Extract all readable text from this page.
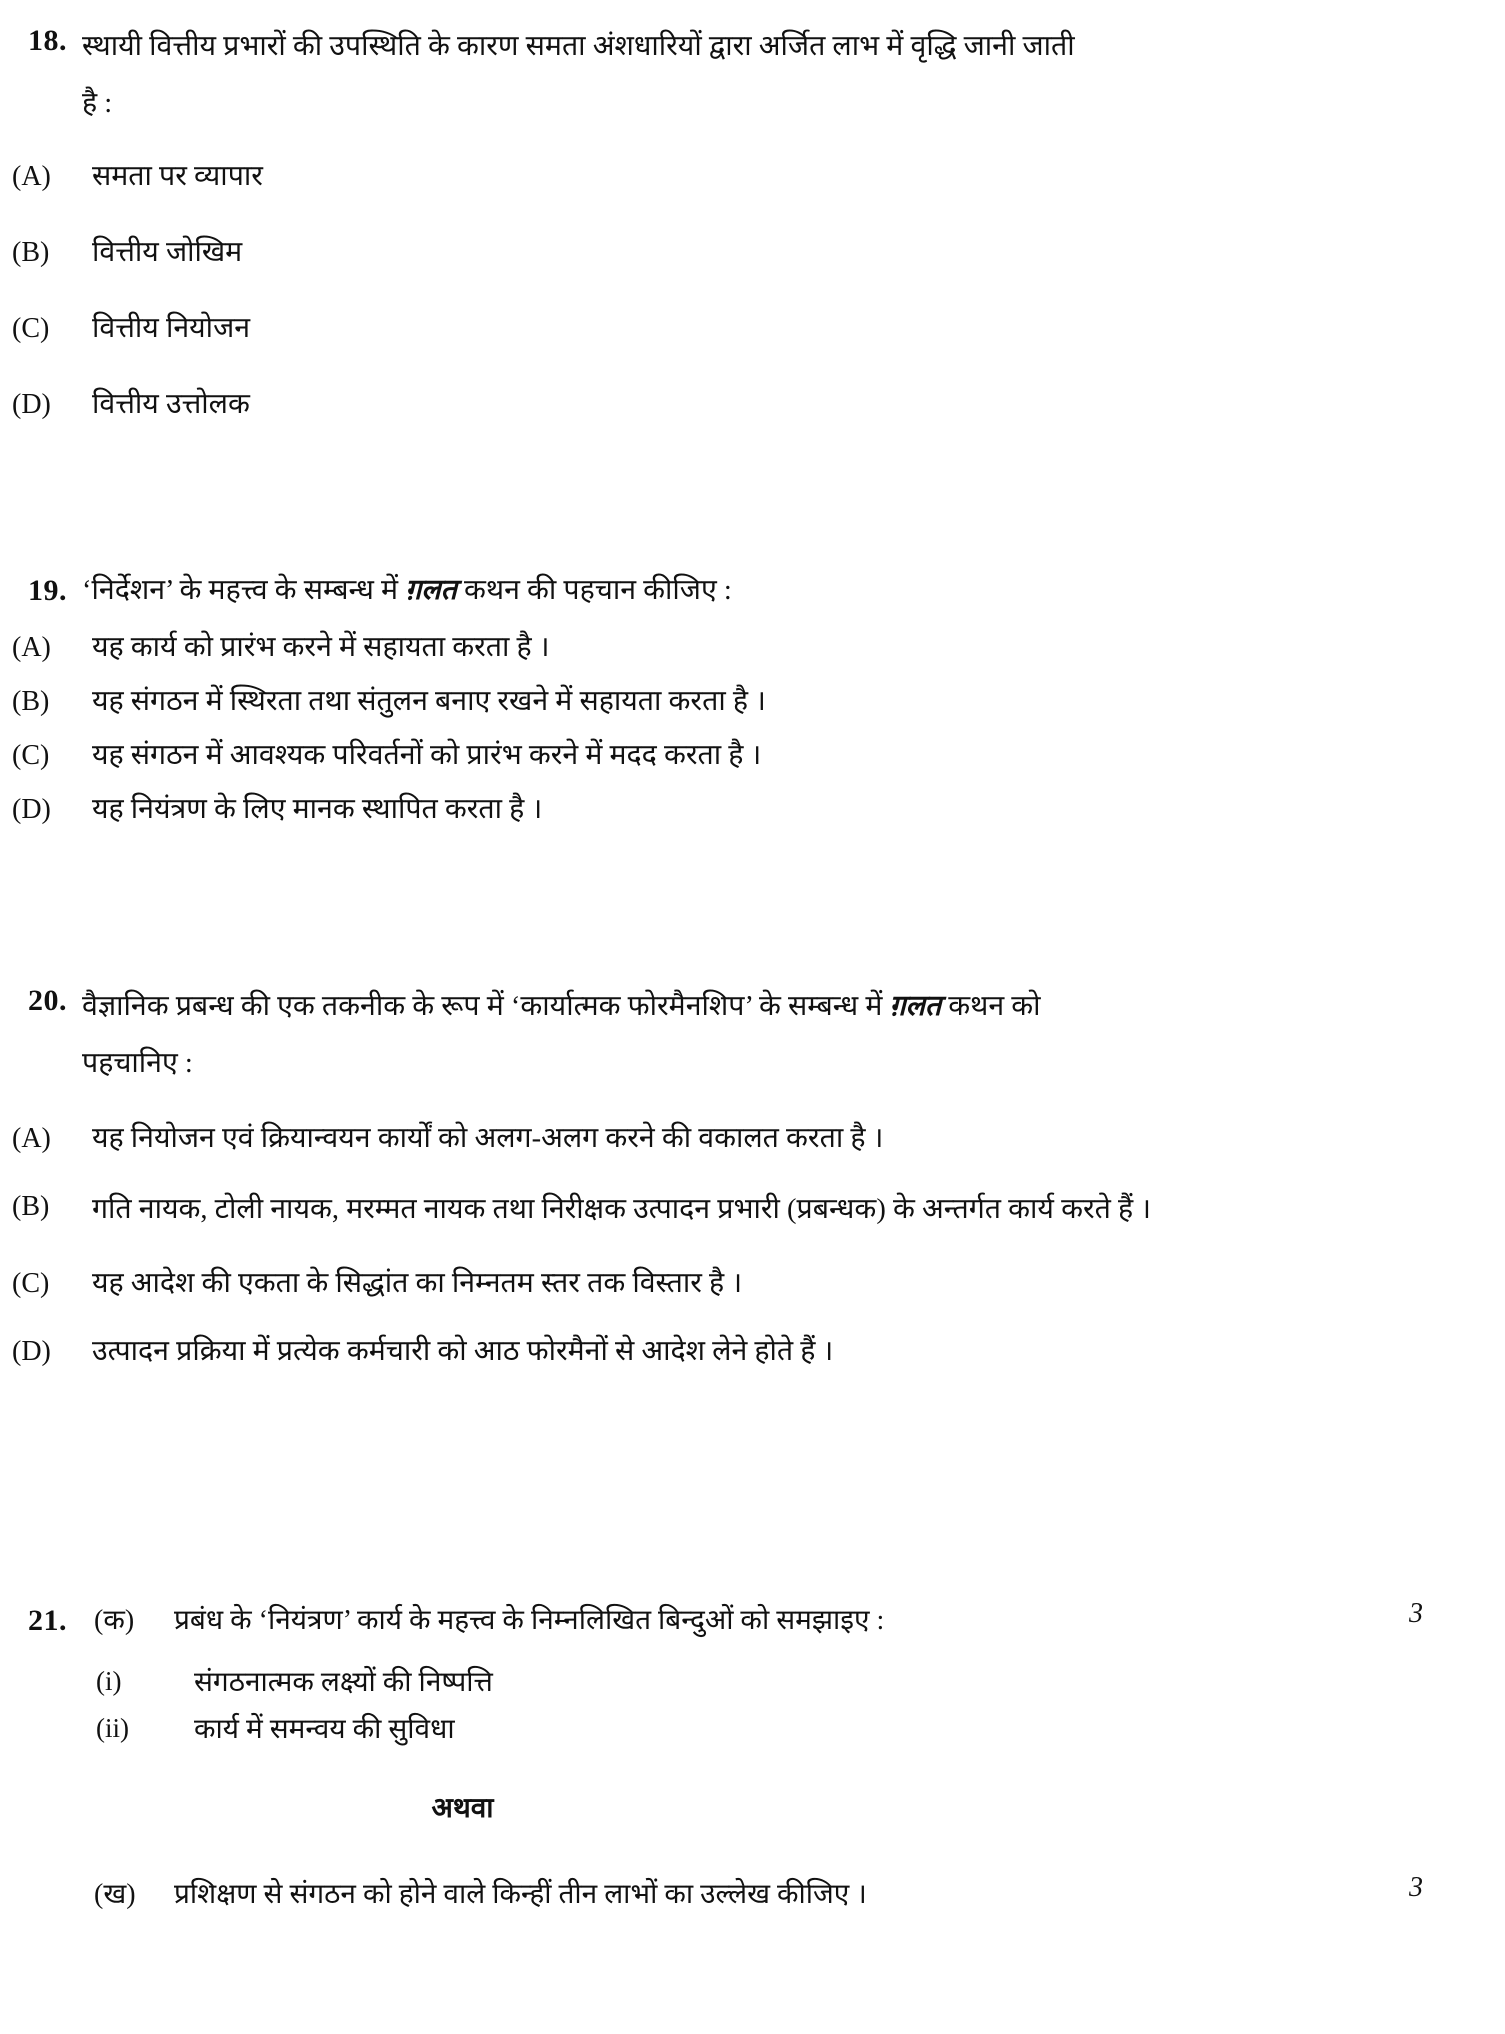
18. स्थायी वित्तीय प्रभारों की उपस्थिति के कारण समता अंशधारियों द्वारा अर्जित लाभ में वृद्धि जानी जाती
है :
(A)	समता पर व्यापार
(B)	वित्तीय जोखिम
(C)	वित्तीय नियोजन
(D)	वित्तीय उत्तोलक
19. ‘निर्देशन’ के महत्त्व के सम्बन्ध में ग़लत कथन की पहचान कीजिए :
(A)	यह कार्य को प्रारंभ करने में सहायता करता है ।
(B)	यह संगठन में स्थिरता तथा संतुलन बनाए रखने में सहायता करता है ।
(C)	यह संगठन में आवश्यक परिवर्तनों को प्रारंभ करने में मदद करता है ।
(D)	यह नियंत्रण के लिए मानक स्थापित करता है ।
20. वैज्ञानिक प्रबन्ध की एक तकनीक के रूप में ‘कार्यात्मक फोरमैनशिप’ के सम्बन्ध में ग़लत कथन को
पहचानिए :
(A)	यह नियोजन एवं क्रियान्वयन कार्यों को अलग-अलग करने की वकालत करता है ।
(B)	गति नायक, टोली नायक, मरम्मत नायक तथा निरीक्षक उत्पादन प्रभारी (प्रबन्धक) के अन्तर्गत कार्य करते हैं ।
(C)	यह आदेश की एकता के सिद्धांत का निम्नतम स्तर तक विस्तार है ।
(D)	उत्पादन प्रक्रिया में प्रत्येक कर्मचारी को आठ फोरमैनों से आदेश लेने होते हैं ।
21. (क)	प्रबंध के ‘नियंत्रण’ कार्य के महत्त्व के निम्नलिखित बिन्दुओं को समझाइए :	3
(i)	संगठनात्मक लक्ष्यों की निष्पत्ति
(ii)	कार्य में समन्वय की सुविधा
अथवा
(ख)	प्रशिक्षण से संगठन को होने वाले किन्हीं तीन लाभों का उल्लेख कीजिए ।	3
